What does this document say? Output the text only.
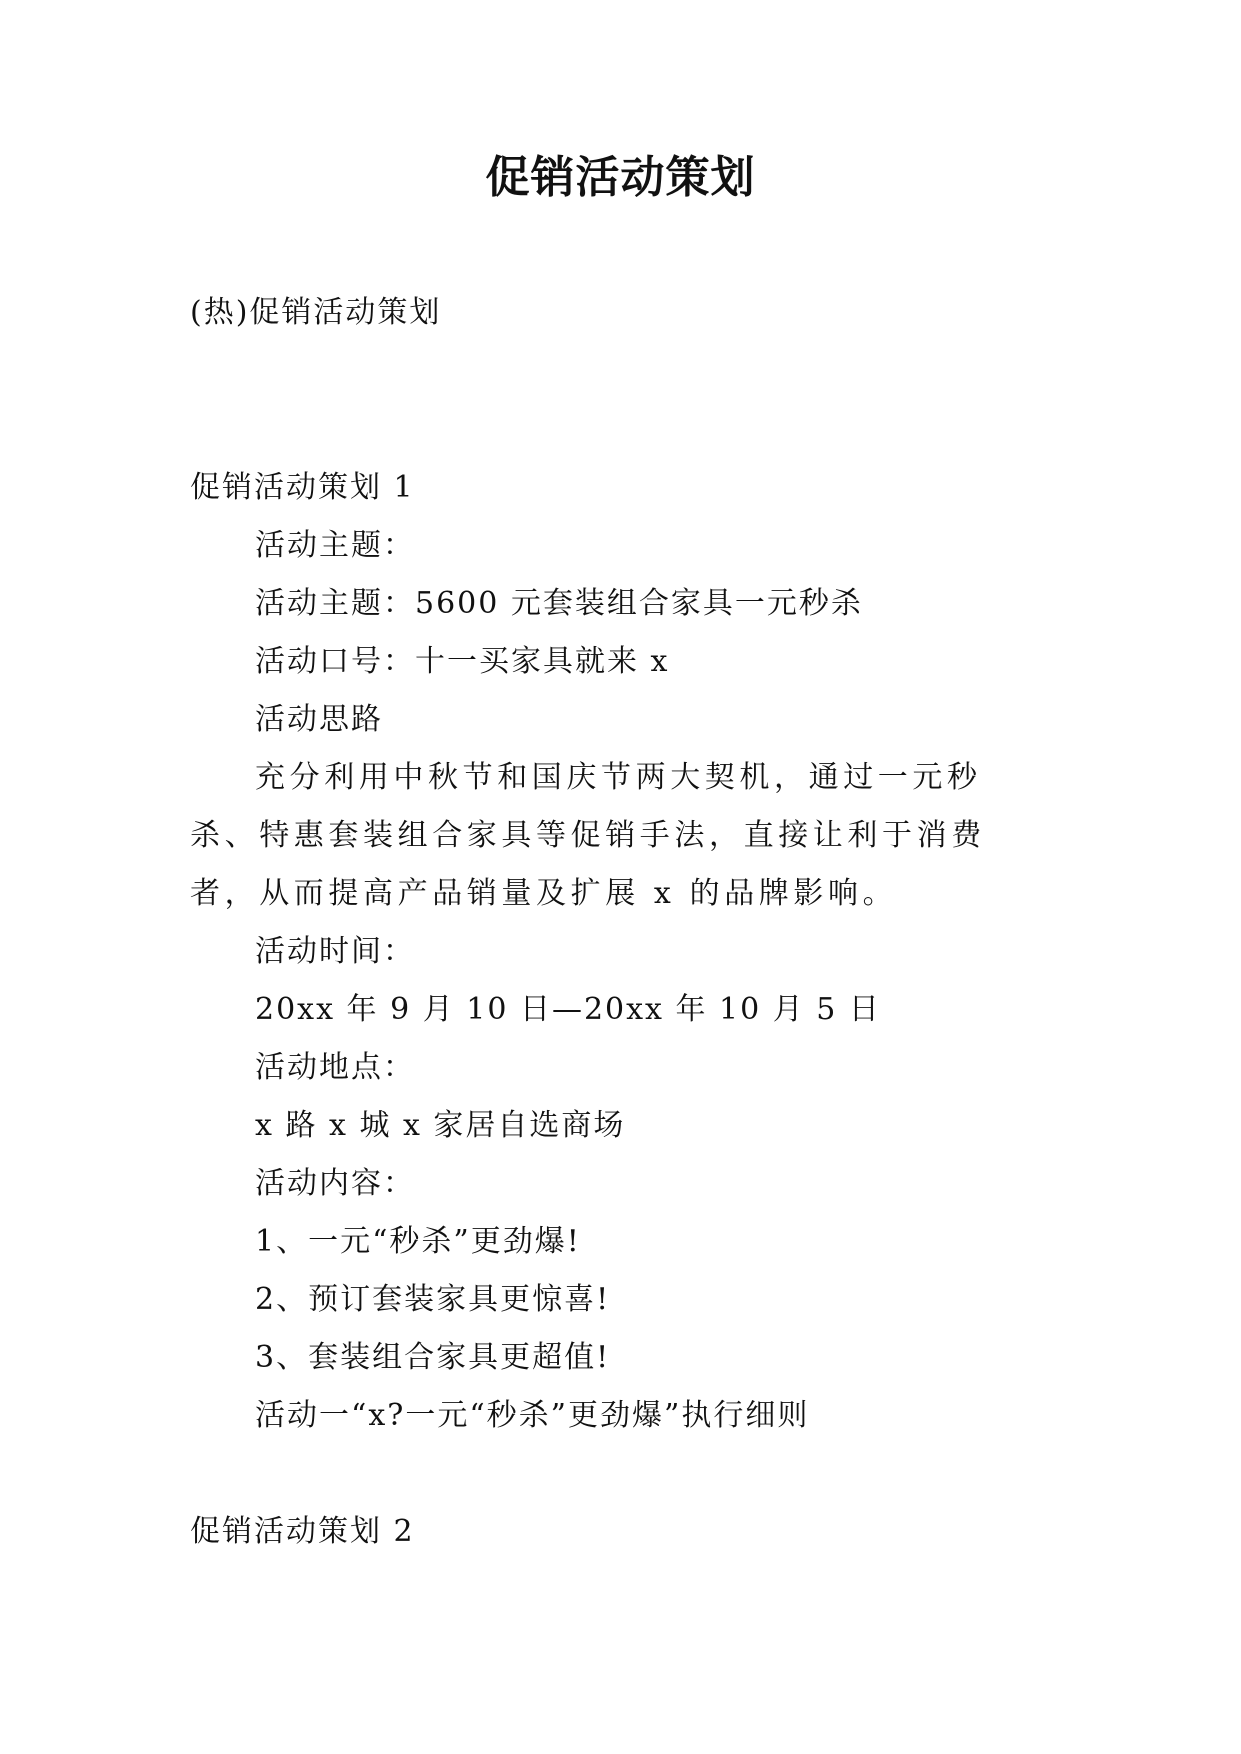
促销活动策划
(热)促销活动策划
促销活动策划 1
活动主题：
活动主题：5600 元套装组合家具一元秒杀
活动口号：十一买家具就来 x
活动思路
充分利用中秋节和国庆节两大契机，通过一元秒杀、特惠套装组合家具等促销手法，直接让利于消费者，从而提高产品销量及扩展 x 的品牌影响。
活动时间：
20xx 年 9 月 10 日—20xx 年 10 月 5 日
活动地点：
x 路 x 城 x 家居自选商场
活动内容：
1、一元“秒杀”更劲爆!
2、预订套装家具更惊喜!
3、套装组合家具更超值!
活动一“x?一元“秒杀”更劲爆”执行细则
促销活动策划 2
